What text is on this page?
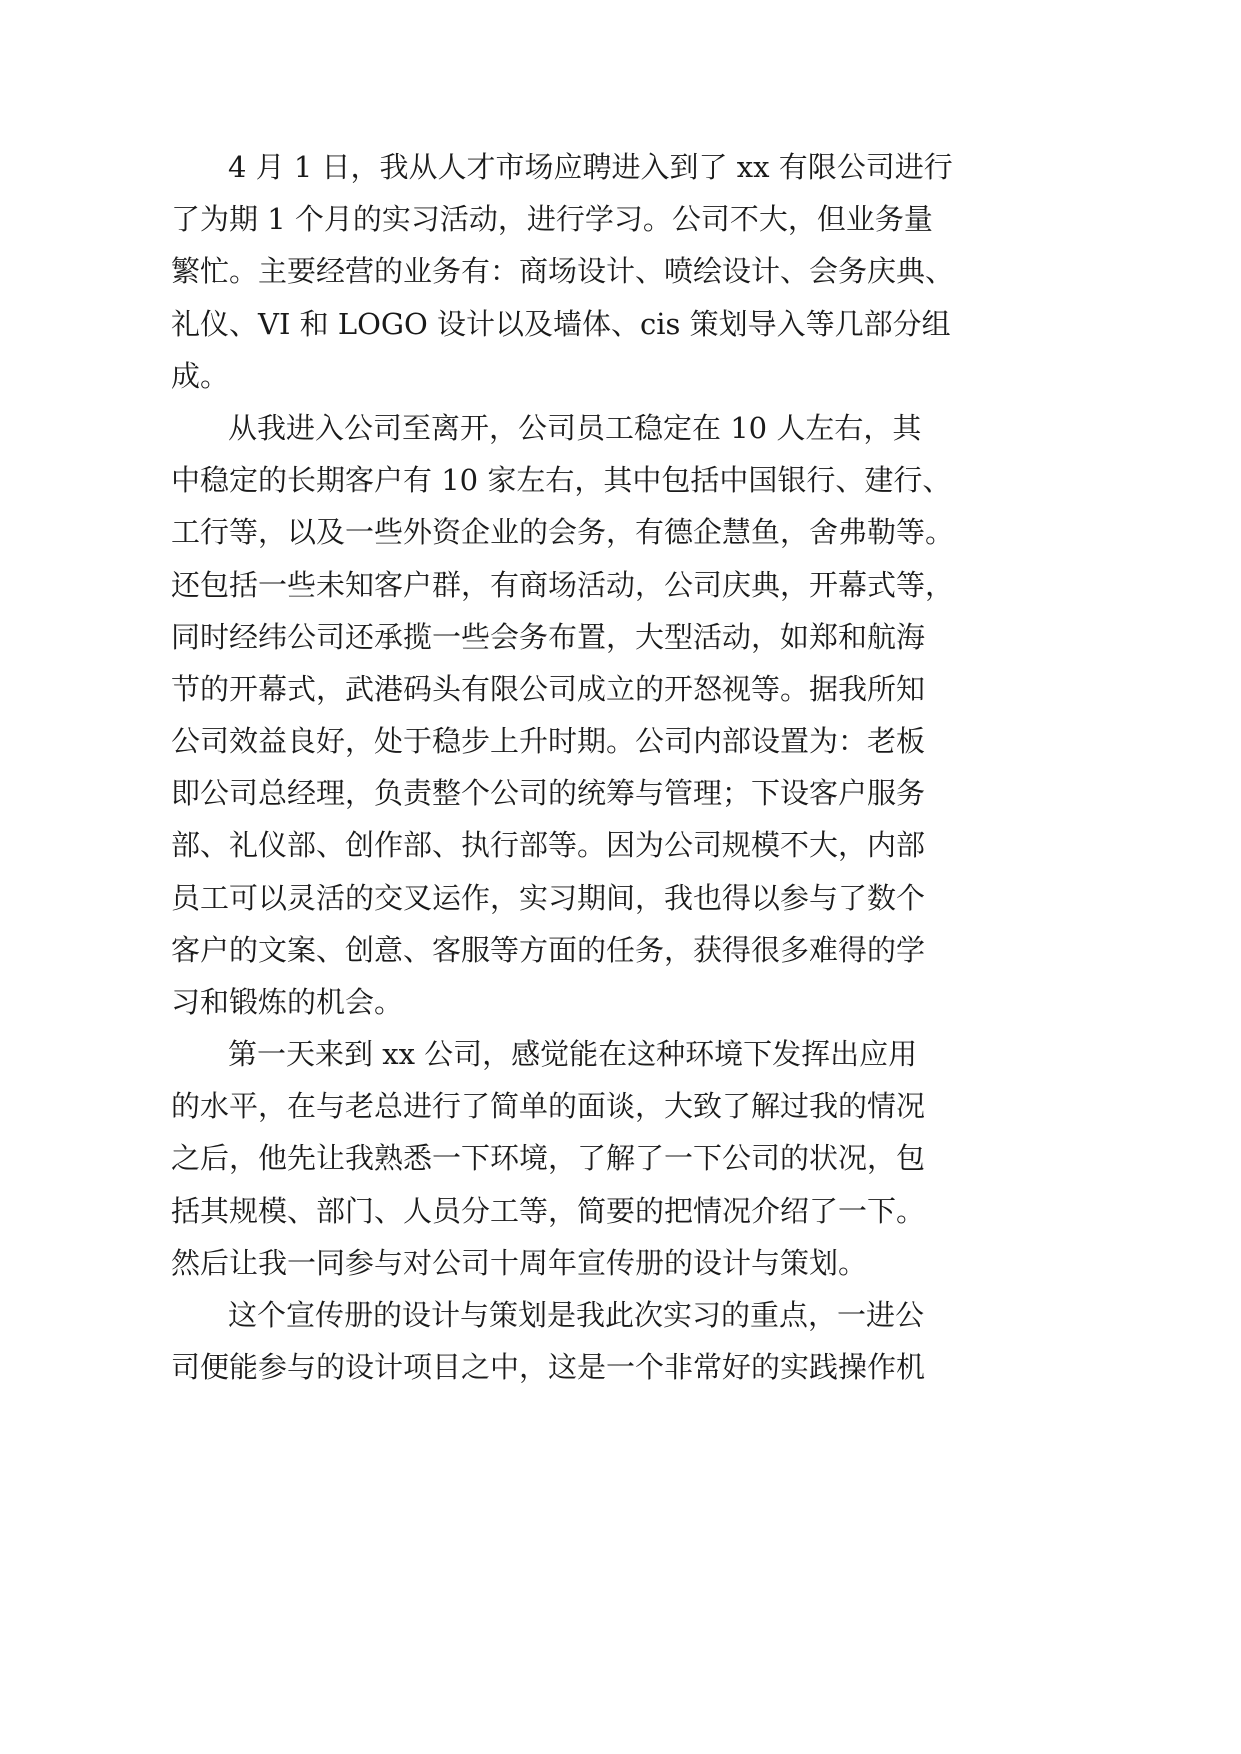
4 月 1 日，我从人才市场应聘进入到了 xx 有限公司进行
了为期 1 个月的实习活动，进行学习。公司不大，但业务量
繁忙。主要经营的业务有：商场设计、喷绘设计、会务庆典、
礼仪、VI 和 LOGO 设计以及墙体、cis 策划导入等几部分组
成。
从我进入公司至离开，公司员工稳定在 10 人左右，其
中稳定的长期客户有 10 家左右，其中包括中国银行、建行、
工行等，以及一些外资企业的会务，有德企慧鱼，舍弗勒等。
还包括一些未知客户群，有商场活动，公司庆典，开幕式等，
同时经纬公司还承揽一些会务布置，大型活动，如郑和航海
节的开幕式，武港码头有限公司成立的开怒视等。据我所知
公司效益良好，处于稳步上升时期。公司内部设置为：老板
即公司总经理，负责整个公司的统筹与管理；下设客户服务
部、礼仪部、创作部、执行部等。因为公司规模不大，内部
员工可以灵活的交叉运作，实习期间，我也得以参与了数个
客户的文案、创意、客服等方面的任务，获得很多难得的学
习和锻炼的机会。
第一天来到 xx 公司，感觉能在这种环境下发挥出应用
的水平，在与老总进行了简单的面谈，大致了解过我的情况
之后，他先让我熟悉一下环境，了解了一下公司的状况，包
括其规模、部门、人员分工等，简要的把情况介绍了一下。
然后让我一同参与对公司十周年宣传册的设计与策划。
这个宣传册的设计与策划是我此次实习的重点，一进公
司便能参与的设计项目之中，这是一个非常好的实践操作机
